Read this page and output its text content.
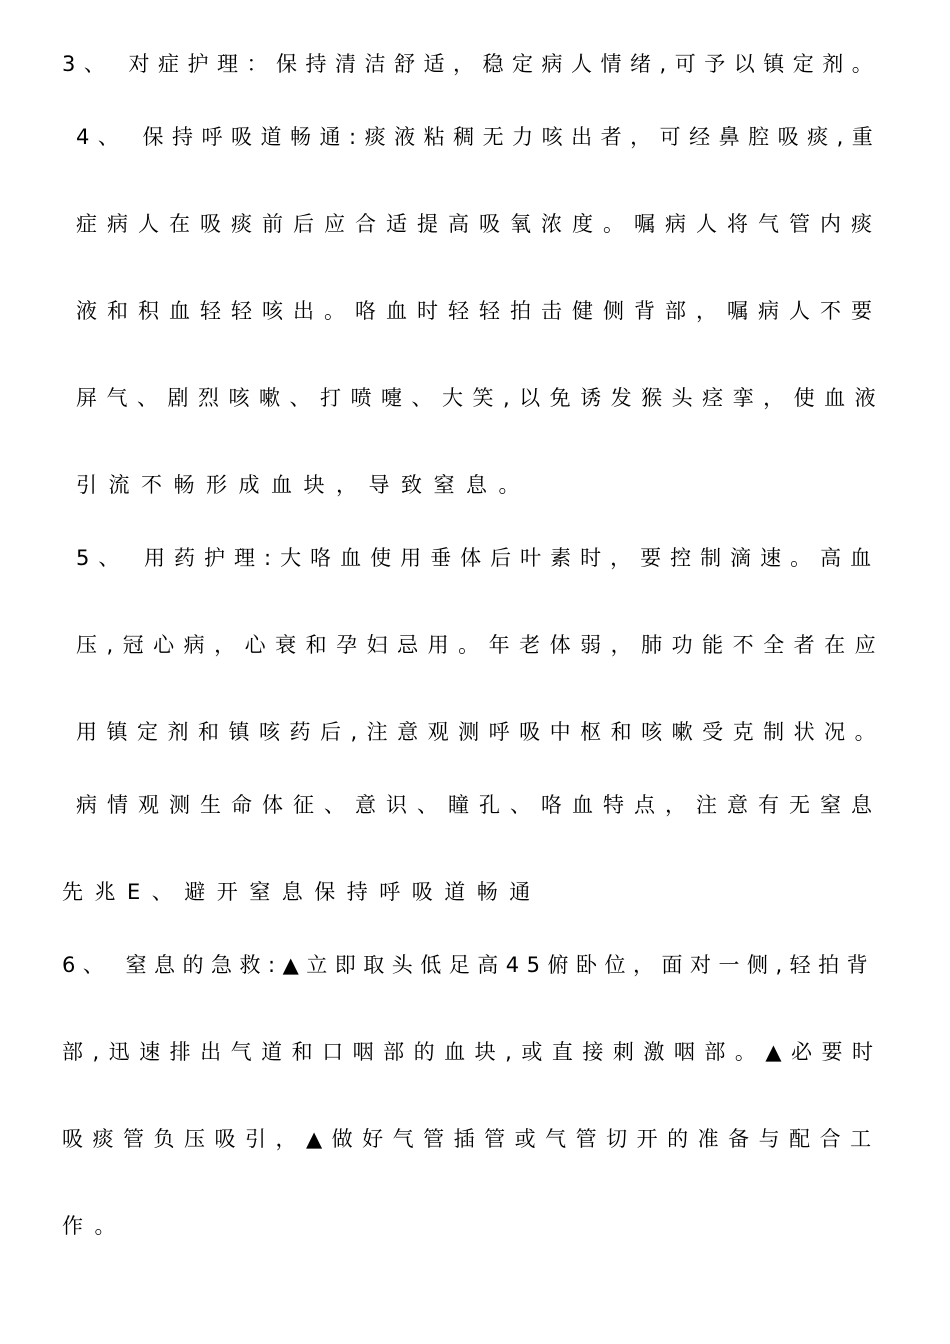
3、 对症护理：保持清洁舒适，稳定病人情绪,可予以镇定剂。
4、 保持呼吸道畅通:痰液粘稠无力咳出者，可经鼻腔吸痰,重
症病人在吸痰前后应合适提高吸氧浓度。嘱病人将气管内痰
液和积血轻轻咳出。咯血时轻轻拍击健侧背部，嘱病人不要
屏气、剧烈咳嗽、打喷嚏、大笑,以免诱发猴头痉挛，使血液
引流不畅形成血块，导致窒息。
5、 用药护理:大咯血使用垂体后叶素时，要控制滴速。高血
压,冠心病，心衰和孕妇忌用。年老体弱，肺功能不全者在应
用镇定剂和镇咳药后,注意观测呼吸中枢和咳嗽受克制状况。
病情观测生命体征、意识、瞳孔、咯血特点，注意有无窒息
先兆E、避开窒息保持呼吸道畅通
6、 窒息的急救:▲立即取头低足高45俯卧位，面对一侧,轻拍背
部,迅速排出气道和口咽部的血块,或直接刺激咽部。▲必要时
吸痰管负压吸引，▲做好气管插管或气管切开的准备与配合工
作。
